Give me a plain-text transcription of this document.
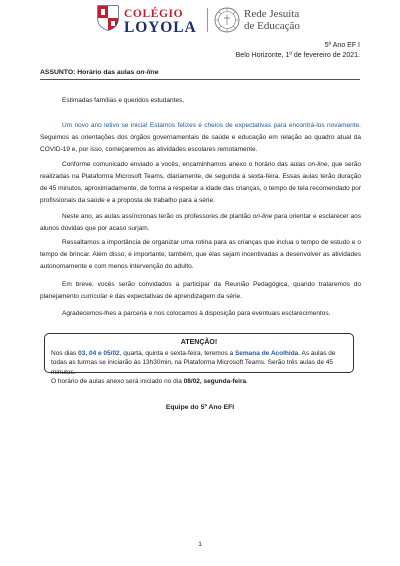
COLÉGIO
LOYOLA
Rede Jesuíta
de Educação
5º Ano EF I
Belo Horizonte, 1º de fevereiro de 2021.
ASSUNTO: Horário das aulas on-line

Estimadas famílias e queridos estudantes,

Um novo ano letivo se inicia! Estamos felizes e cheios de expectativas para encontrá-los novamente. Seguimos as orientações dos órgãos governamentais de saúde e educação em relação ao quadro atual da COVID-19 e, por isso, começaremos as atividades escolares remotamente.

Conforme comunicado enviado a vocês, encaminhamos anexo o horário das aulas on-line, que serão realizadas na Plataforma Microsoft Teams, diariamente, de segunda a sexta-feira. Essas aulas terão duração de 45 minutos, aproximadamente, de forma a respeitar a idade das crianças, o tempo de tela recomendado por profissionais da saúde e a proposta de trabalho para a série.

Neste ano, as aulas assíncronas terão os professores de plantão on-line para orientar e esclarecer aos alunos dúvidas que por acaso surjam.

Ressaltamos a importância de organizar uma rotina para as crianças que inclua o tempo de estudo e o tempo de brincar. Além disso, é importante, também, que elas sejam incentivadas a desenvolver as atividades autonomamente e com menos intervenção do adulto.

Em breve, vocês serão convidados a participar da Reunião Pedagógica, quando trataremos do planejamento curricular e das expectativas de aprendizagem da série.

Agradecemos-lhes a parceria e nos colocamos à disposição para eventuais esclarecimentos.

ATENÇÃO!

Nos dias 03, 04 e 05/02, quarta, quinta e sexta-feira, teremos a Semana de Acolhida. As aulas de todas as turmas se iniciarão às 13h30min, na Plataforma Microsoft Teams. Serão três aulas de 45 minutos.

O horário de aulas anexo será iniciado no dia 08/02, segunda-feira.

Equipe do 5º Ano EFI
1
